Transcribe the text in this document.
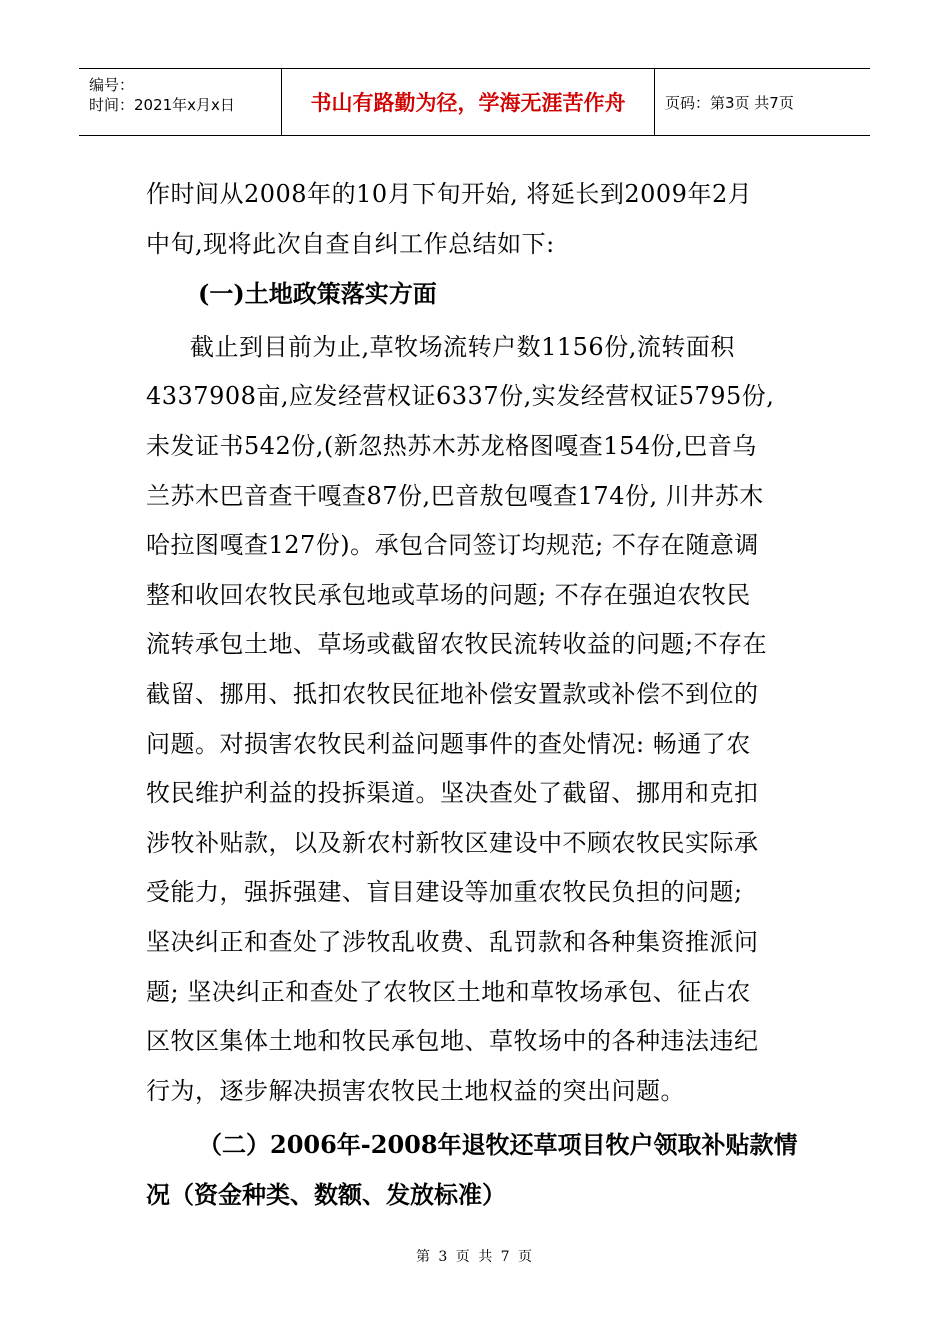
编号：
时间：2021年x月x日	书山有路勤为径，学海无涯苦作舟	页码：第3页 共7页
作时间从2008年的10月下旬开始, 将延长到2009年2月
中旬,现将此次自查自纠工作总结如下:
(一)土地政策落实方面
截止到目前为止,草牧场流转户数1156份,流转面积
4337908亩,应发经营权证6337份,实发经营权证5795份,
未发证书542份,(新忽热苏木苏龙格图嘎查154份,巴音乌
兰苏木巴音查干嘎查87份,巴音敖包嘎查174份, 川井苏木
哈拉图嘎查127份)。承包合同签订均规范; 不存在随意调
整和收回农牧民承包地或草场的问题; 不存在强迫农牧民
流转承包土地、草场或截留农牧民流转收益的问题;不存在
截留、挪用、抵扣农牧民征地补偿安置款或补偿不到位的
问题。对损害农牧民利益问题事件的查处情况: 畅通了农
牧民维护利益的投拆渠道。坚决查处了截留、挪用和克扣
涉牧补贴款，以及新农村新牧区建设中不顾农牧民实际承
受能力，强拆强建、盲目建设等加重农牧民负担的问题;
坚决纠正和查处了涉牧乱收费、乱罚款和各种集资推派问
题; 坚决纠正和查处了农牧区土地和草牧场承包、征占农
区牧区集体土地和牧民承包地、草牧场中的各种违法违纪
行为，逐步解决损害农牧民土地权益的突出问题。
（二）2006年-2008年退牧还草项目牧户领取补贴款情
况（资金种类、数额、发放标准）
第 3 页 共 7 页
